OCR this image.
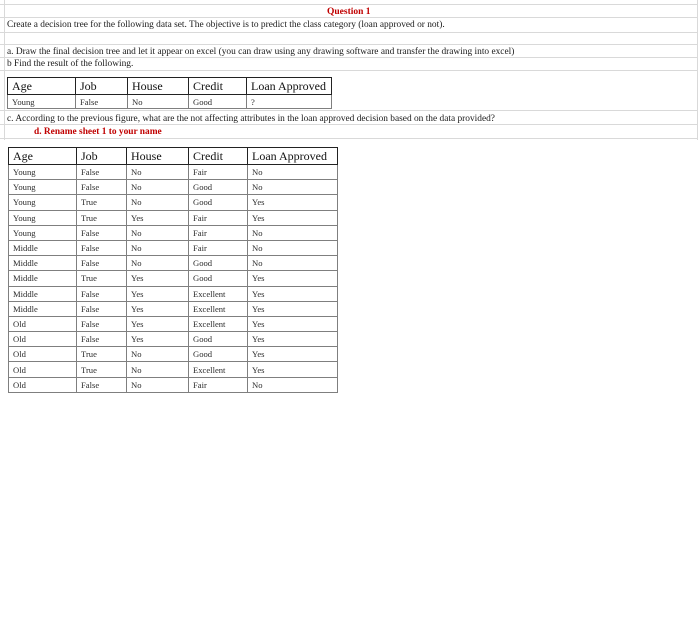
Question 1
Create a decision tree for the following data set. The objective is to predict the class category (loan approved or not).
a. Draw the final decision tree and let it appear on excel (you can draw using any drawing software and transfer the drawing into excel)
b Find the result of the following.
Age	Job	House	Credit	Loan Approved
Young	False	No	Good	?
c. According to the previous figure, what are the not affecting attributes in the loan approved decision based on the data provided?
d. Rename sheet 1 to your name
Age	Job	House	Credit	Loan Approved
Young	False	No	Fair	No
Young	False	No	Good	No
Young	True	No	Good	Yes
Young	True	Yes	Fair	Yes
Young	False	No	Fair	No
Middle	False	No	Fair	No
Middle	False	No	Good	No
Middle	True	Yes	Good	Yes
Middle	False	Yes	Excellent	Yes
Middle	False	Yes	Excellent	Yes
Old	False	Yes	Excellent	Yes
Old	False	Yes	Good	Yes
Old	True	No	Good	Yes
Old	True	No	Excellent	Yes
Old	False	No	Fair	No
